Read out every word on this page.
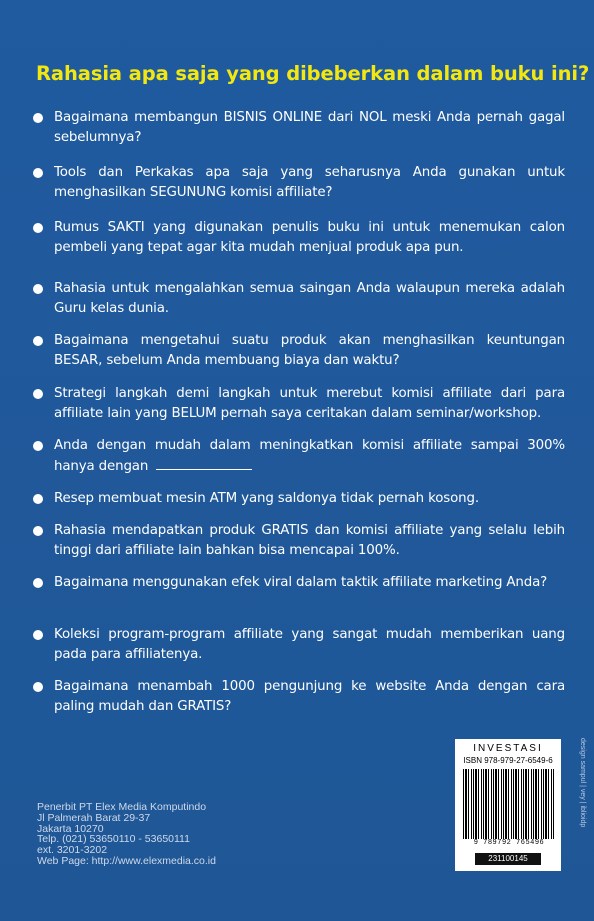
Rahasia apa saja yang dibeberkan dalam buku ini?
Bagaimana membangun BISNIS ONLINE dari NOL meski Anda pernah gagal sebelumnya?
Tools dan Perkakas apa saja yang seharusnya Anda gunakan untuk menghasilkan SEGUNUNG komisi affiliate?
Rumus SAKTI yang digunakan penulis buku ini untuk menemukan calon pembeli yang tepat agar kita mudah menjual produk apa pun.
Rahasia untuk mengalahkan semua saingan Anda walaupun mereka adalah Guru kelas dunia.
Bagaimana mengetahui suatu produk akan menghasilkan keuntungan BESAR, sebelum Anda membuang biaya dan waktu?
Strategi langkah demi langkah untuk merebut komisi affiliate dari para affiliate lain yang BELUM pernah saya ceritakan dalam seminar/workshop.
Anda dengan mudah dalam meningkatkan komisi affiliate sampai 300% hanya dengan
Resep membuat mesin ATM yang saldonya tidak pernah kosong.
Rahasia mendapatkan produk GRATIS dan komisi affiliate yang selalu lebih tinggi dari affiliate lain bahkan bisa mencapai 100%.
Bagaimana menggunakan efek viral dalam taktik affiliate marketing Anda?
Koleksi program-program affiliate yang sangat mudah memberikan uang pada para affiliatenya.
Bagaimana menambah 1000 pengunjung ke website Anda dengan cara paling mudah dan GRATIS?
Penerbit PT Elex Media Komputindo
Jl Palmerah Barat 29-37
Jakarta 10270
Telp. (021) 53650110 - 53650111
ext. 3201-3202
Web Page: http://www.elexmedia.co.id
INVESTASI
ISBN 978-979-27-6549-6
9 789792 765496
231100145
design sampul | vey | iblioidp
